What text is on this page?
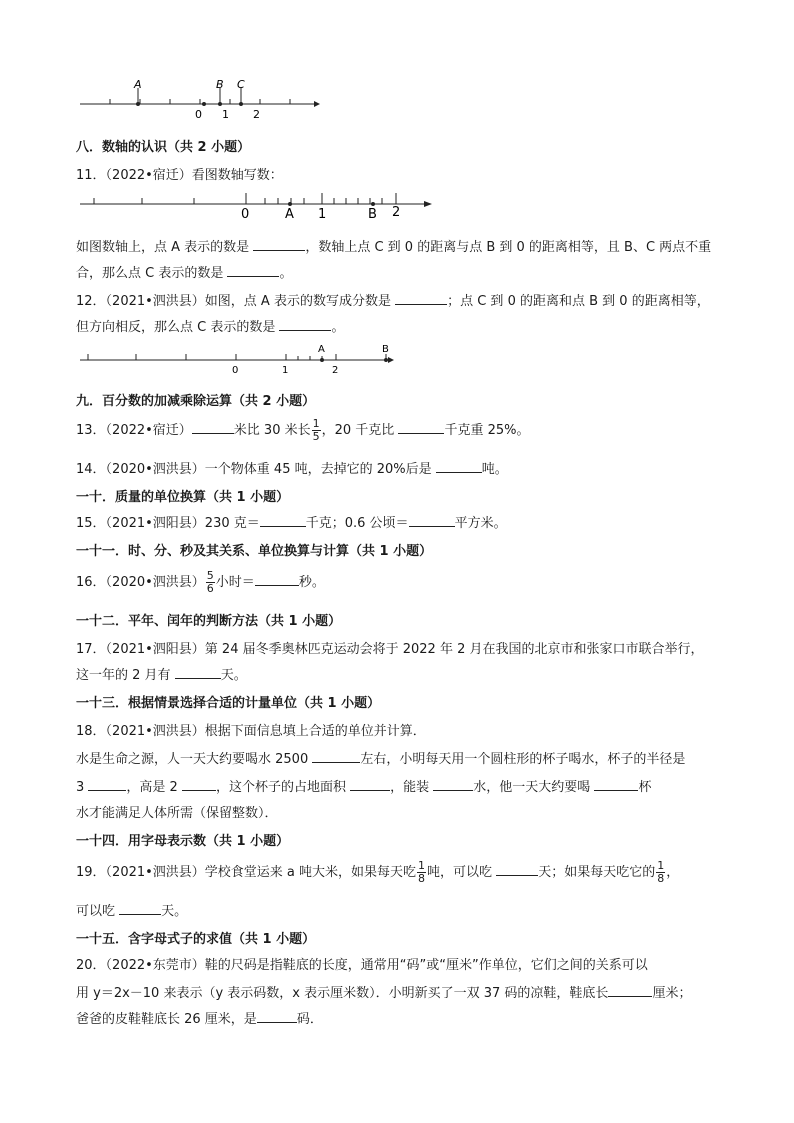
A	B C
0 1 2
八．数轴的认识（共 2 小题）
11．（2022•宿迁）看图数轴写数：
0	A 1	B 2
如图数轴上，点 A 表示的数是	，数轴上点 C 到 0 的距离与点 B 到 0 的距离相等，且 B、C 两点不重
合，那么点 C 表示的数是	。
12．（2021•泗洪县）如图，点 A 表示的数写成分数是	；点 C 到 0 的距离和点 B 到 0 的距离相等，
但方向相反，那么点 C 表示的数是	。
0	1
A
2
B
九．百分数的加减乘除运算（共 2 小题）
13．（2022•宿迁）	米比 30 米长 $\frac{1}{5}$ ，20 千克比	千克重 25%。
14．（2020•泗洪县）一个物体重 45 吨，去掉它的 20%后是	吨。
一十．质量的单位换算（共 1 小题）
15．（2021•泗阳县）230 克＝	千克；0.6 公顷＝	平方米。
一十一．时、分、秒及其关系、单位换算与计算（共 1 小题）
16．（2020•泗洪县） $\frac{5}{6}$ 小时＝	秒。
一十二．平年、闰年的判断方法（共 1 小题）
17．（2021•泗阳县）第 24 届冬季奥林匹克运动会将于 2022 年 2 月在我国的北京市和张家口市联合举行，
这一年的 2 月有	天。
一十三．根据情景选择合适的计量单位（共 1 小题）
18．（2021•泗洪县）根据下面信息填上合适的单位并计算．
水是生命之源，人一天大约要喝水 2500	左右，小明每天用一个圆柱形的杯子喝水，杯子的半径是
3	，高是 2	，这个杯子的占地面积	，能装	水，他一天大约要喝	杯
水才能满足人体所需（保留整数）．
一十四．用字母表示数（共 1 小题）
19．（2021•泗洪县）学校食堂运来 a 吨大米，如果每天吃 $\frac{1}{8}$ 吨，可以吃	天；如果每天吃它的 $\frac{1}{8}$ ，
可以吃	天。
一十五．含字母式子的求值（共 1 小题）
20．（2022•东莞市）鞋的尺码是指鞋底的长度，通常用“码”或“厘米”作单位，它们之间的关系可以
用 y＝2x－10 来表示（y 表示码数，x 表示厘米数）．小明新买了一双 37 码的凉鞋，鞋底长	厘米；
爸爸的皮鞋鞋底长 26 厘米，是	码．
